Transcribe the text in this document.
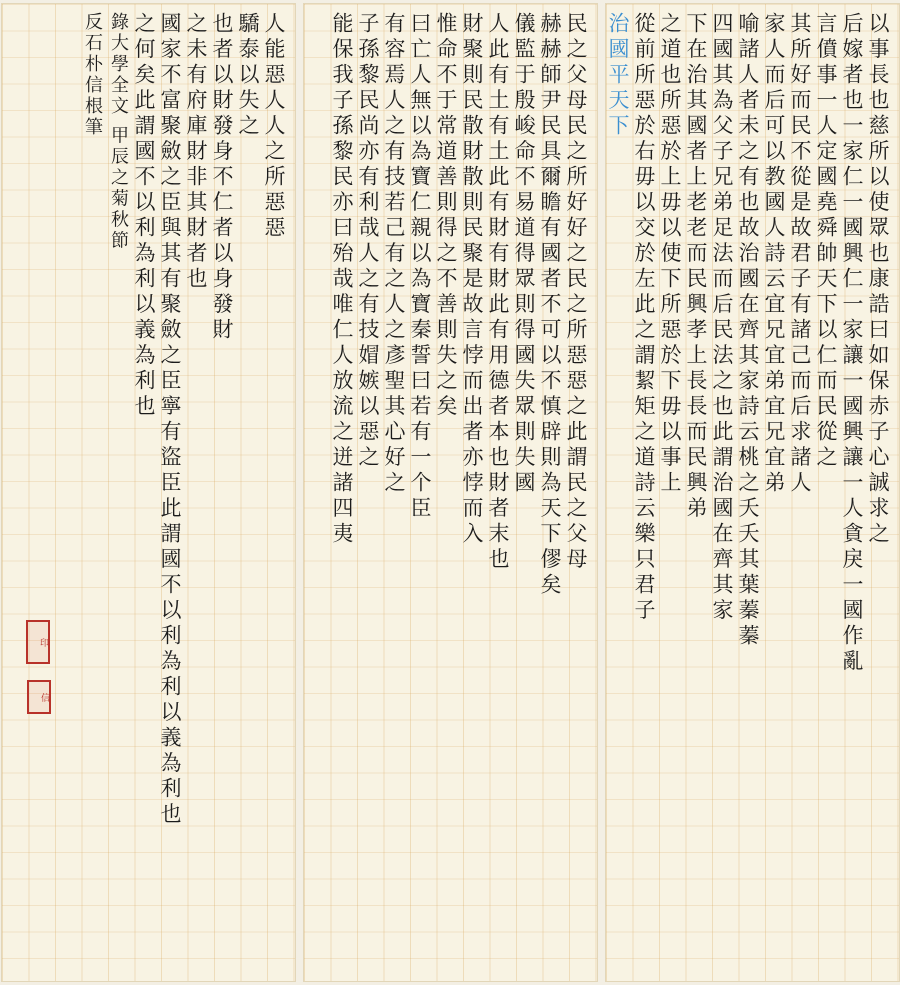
人能惡人人之所惡惡
驕泰以失之
也者以財發身不仁者以身發財
之未有府庫財非其財者也
國家不富聚斂之臣與其有聚斂之臣寧有盜臣此謂國不以利為利以義為利也
之何矣此謂國不以利為利以義為利也
錄大學全文 甲辰之菊秋節
反石朴信根筆
印
信
民之父母民之所好好之民之所惡惡之此謂民之父母
赫赫師尹民具爾瞻有國者不可以不慎辟則為天下僇矣
儀監于殷峻命不易道得眾則得國失眾則失國
人此有土有土此有財有財此有用德者本也財者末也
財聚則民散財散則民聚是故言悖而出者亦悖而入
惟命不于常道善則得之不善則失之矣
曰亡人無以為寶仁親以為寶秦誓曰若有一个臣
有容焉人之有技若己有之人之彥聖其心好之
子孫黎民尚亦有利哉人之有技媢嫉以惡之
能保我子孫黎民亦曰殆哉唯仁人放流之迸諸四夷	以事長也慈所以使眾也康誥曰如保赤子心誠求之
后嫁者也一家仁一國興仁一家讓一國興讓一人貪戾一國作亂
言僨事一人定國堯舜帥天下以仁而民從之
其所好而民不從是故君子有諸己而后求諸人
家人而后可以教國人詩云宜兄宜弟宜兄宜弟
喻諸人者未之有也故治國在齊其家詩云桃之夭夭其葉蓁蓁
四國其為父子兄弟足法而后民法之也此謂治國在齊其家
下在治其國者上老老而民興孝上長長而民興弟
之道也所惡於上毋以使下所惡於下毋以事上
從前所惡於右毋以交於左此之謂絜矩之道詩云樂只君子
治國平天下
